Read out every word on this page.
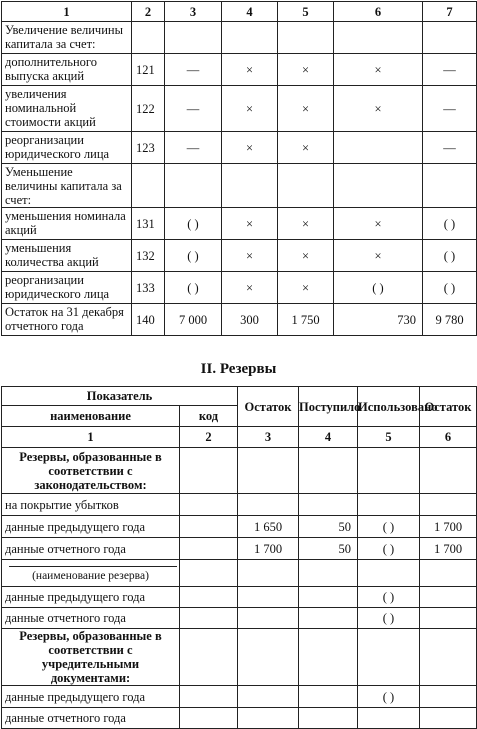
1	2	3	4	5	6	7
Увеличение величины капитала за счет:						
дополнительного выпуска акций	121	—	×	×	×	—
увеличения номинальной стоимости акций	122	—	×	×	×	—
реорганизации юридического лица	123	—	×	×		—
Уменьшение величины капитала за счет:						
уменьшения номинала акций	131	( )	×	×	×	( )
уменьшения количества акций	132	( )	×	×	×	( )
реорганизации юридического лица	133	( )	×	×	( )	( )
Остаток на 31 декабря отчетного года	140	7 000	300	1 750	730	9 780
II. Резервы
Показатель		Остаток	Поступило	Использовано	Остаток
наименование	код				
1	2	3	4	5	6
Резервы, образованные в соответствии с законодательством:					
на покрытие убытков					
данные предыдущего года		1 650	50	( )	1 700
данные отчетного года		1 700	50	( )	1 700

(наименование резерва)					

данные предыдущего года				( )	
данные отчетного года				( )	
Резервы, образованные в соответствии с учредительными документами:					
данные предыдущего года				( )	
данные отчетного года					
